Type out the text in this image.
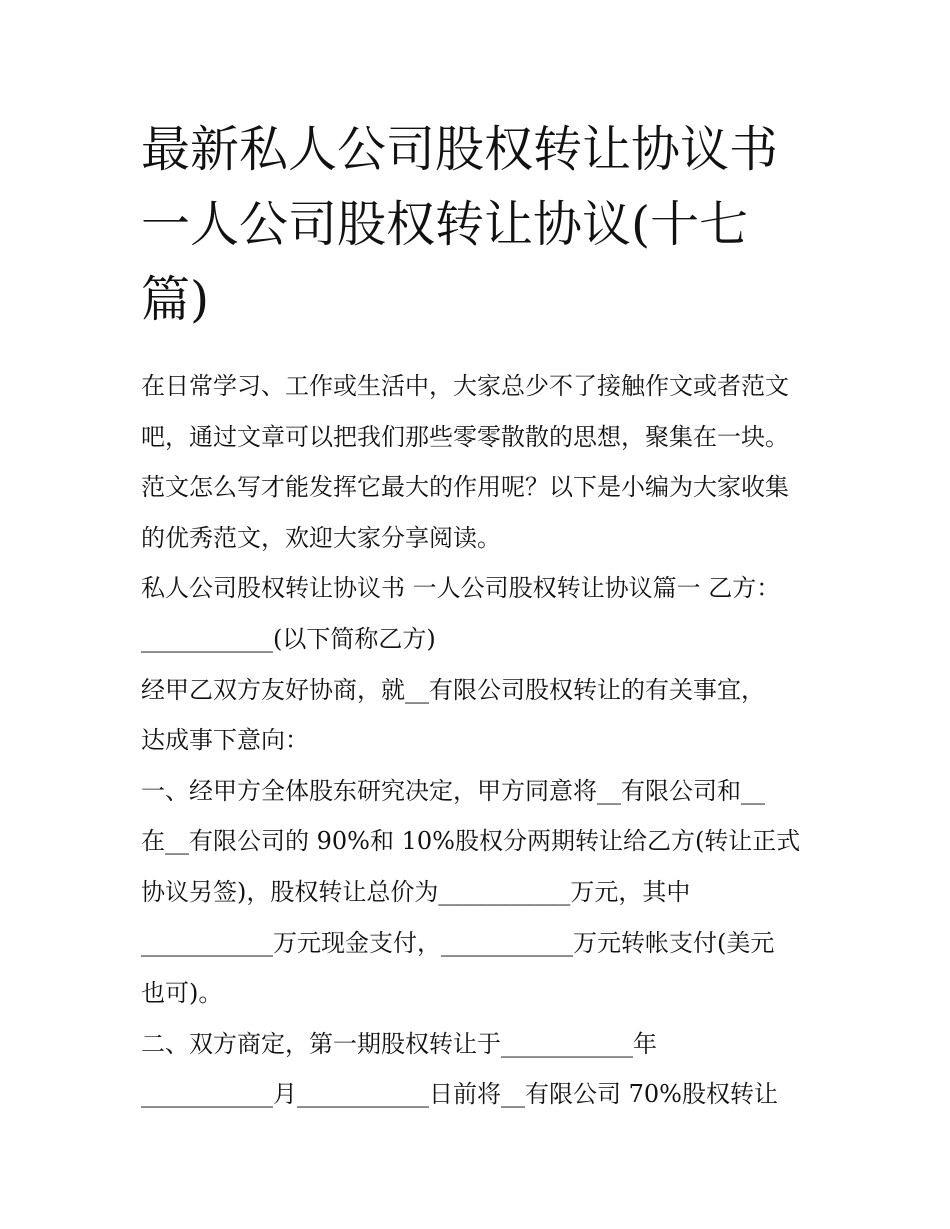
最新私人公司股权转让协议书
一人公司股权转让协议(十七
篇)
在日常学习、工作或生活中，大家总少不了接触作文或者范文
吧，通过文章可以把我们那些零零散散的思想，聚集在一块。
范文怎么写才能发挥它最大的作用呢？以下是小编为大家收集
的优秀范文，欢迎大家分享阅读。
私人公司股权转让协议书 一人公司股权转让协议篇一 乙方：
___________(以下简称乙方)
经甲乙双方友好协商，就__有限公司股权转让的有关事宜，
达成事下意向：
一、经甲方全体股东研究决定，甲方同意将__有限公司和__
在__有限公司的 90%和 10%股权分两期转让给乙方(转让正式
协议另签)，股权转让总价为___________万元，其中
___________万元现金支付，___________万元转帐支付(美元
也可)。
二、双方商定，第一期股权转让于___________年
___________月___________日前将__有限公司 70%股权转让
